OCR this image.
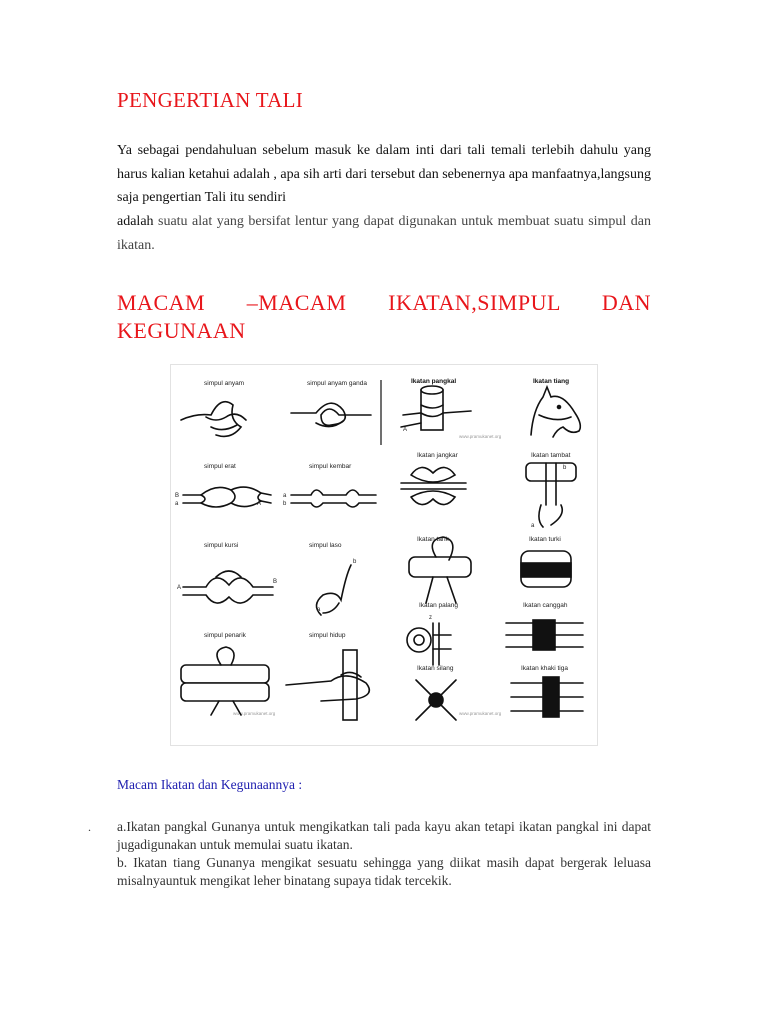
PENGERTIAN TALI

Ya sebagai pendahuluan sebelum masuk ke dalam inti dari tali temali terlebih dahulu yang harus kalian ketahui adalah , apa sih arti dari tersebut dan sebenernya apa manfaatnya,langsung saja pengertian Tali itu sendiri

adalah suatu alat yang bersifat lentur yang dapat digunakan untuk membuat suatu simpul dan ikatan.

MACAM –MACAM IKATAN,SIMPUL DAN
KEGUNAAN
simpul anyam	simpul anyam ganda
simpul erat	simpul kembar
simpul kursi	simpul laso
simpul penarik	simpul hidup
Ikatan pangkal	Ikatan tiang
Ikatan jangkar	Ikatan tambat
Ikatan tarik	Ikatan turki
Ikatan palang	Ikatan canggah
Ikatan silang	Ikatan khaki tiga
www.pramukanet.org
www.pramukanet.org	www.pramukanet.org
B
a	A
a
b
A
A
B
b
a
b
a
z
Macam Ikatan dan Kegunaannya :
. a.Ikatan pangkal Gunanya untuk mengikatkan tali pada kayu akan tetapi ikatan pangkal ini dapat jugadigunakan untuk memulai suatu ikatan.

b. Ikatan tiang Gunanya mengikat sesuatu sehingga yang diikat masih dapat bergerak leluasa misalnyauntuk mengikat leher binatang supaya tidak tercekik.
